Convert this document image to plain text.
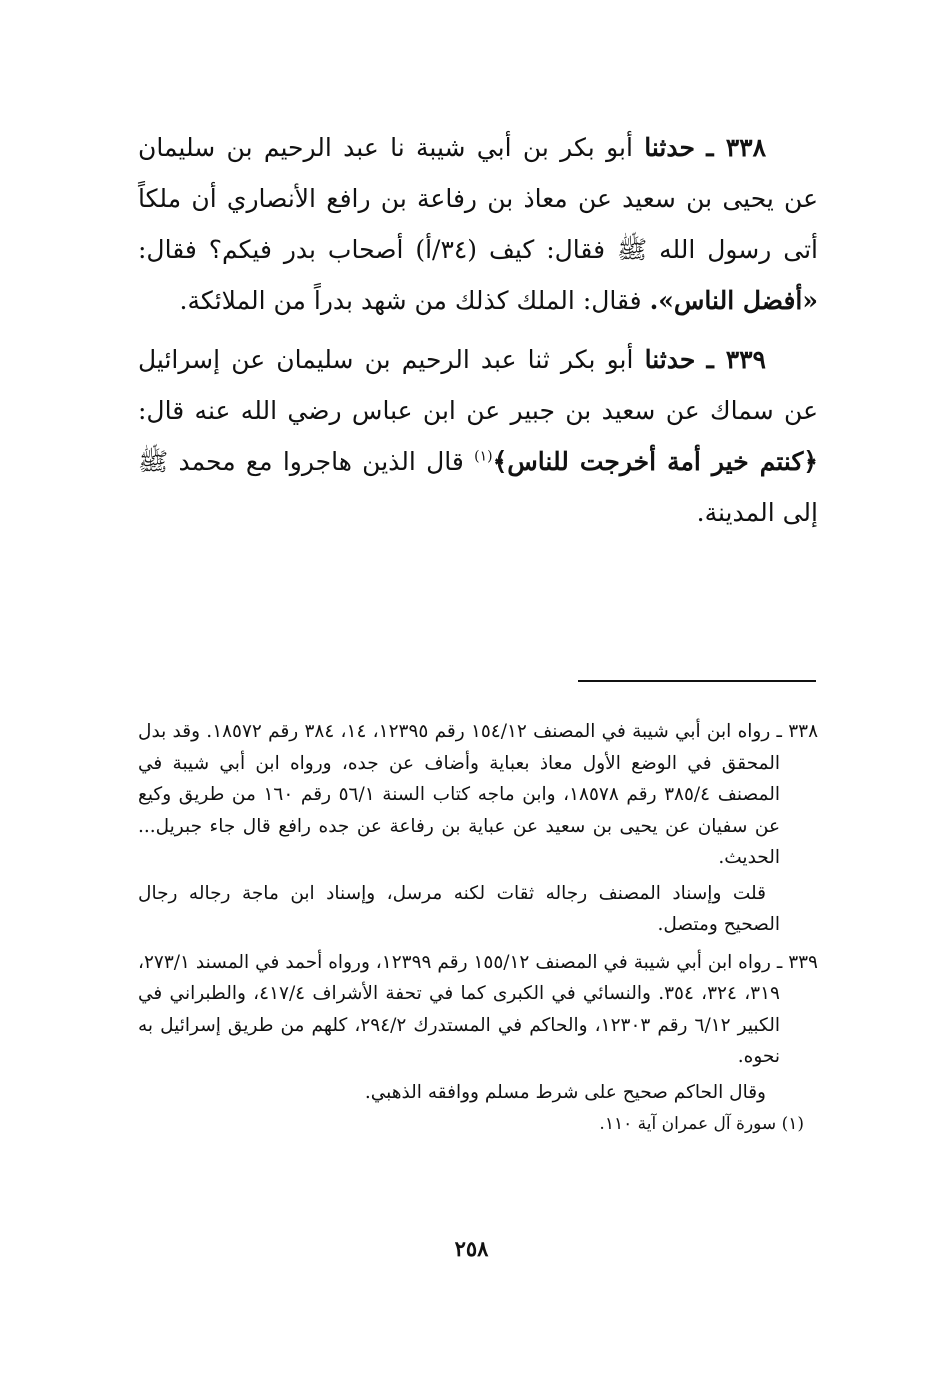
٣٣٨ ـ حدثنا أبو بكر بن أبي شيبة نا عبد الرحيم بن سليمان عن يحيى بن سعيد عن معاذ بن رفاعة بن رافع الأنصاري أن ملكاً أتى رسول الله ﷺ فقال: كيف (٣٤/أ) أصحاب بدر فيكم؟ فقال: «أفضل الناس». فقال: الملك كذلك من شهد بدراً من الملائكة.

٣٣٩ ـ حدثنا أبو بكر ثنا عبد الرحيم بن سليمان عن إسرائيل عن سماك عن سعيد بن جبير عن ابن عباس رضي الله عنه قال: ﴿كنتم خير أمة أخرجت للناس﴾$^{(١)}$ قال الذين هاجروا مع محمد ﷺ إلى المدينة.

٣٣٨ ـ رواه ابن أبي شيبة في المصنف ١٥٤/١٢ رقم ١٢٣٩٥، ١٤، ٣٨٤ رقم ١٨٥٧٢. وقد بدل المحقق في الوضع الأول معاذ بعباية وأضاف عن جده، ورواه ابن أبي شيبة في المصنف ٣٨٥/٤ رقم ١٨٥٧٨، وابن ماجه كتاب السنة ٥٦/١ رقم ١٦٠ من طريق وكيع عن سفيان عن يحيى بن سعيد عن عباية بن رفاعة عن جده رافع قال جاء جبريل... الحديث.

قلت وإسناد المصنف رجاله ثقات لكنه مرسل، وإسناد ابن ماجة رجاله رجال الصحيح ومتصل.

٣٣٩ ـ رواه ابن أبي شيبة في المصنف ١٥٥/١٢ رقم ١٢٣٩٩، ورواه أحمد في المسند ٢٧٣/١، ٣١٩، ٣٢٤، ٣٥٤. والنسائي في الكبرى كما في تحفة الأشراف ٤١٧/٤، والطبراني في الكبير ٦/١٢ رقم ١٢٣٠٣، والحاكم في المستدرك ٢٩٤/٢، كلهم من طريق إسرائيل به نحوه.

وقال الحاكم صحيح على شرط مسلم ووافقه الذهبي.

(١) سورة آل عمران آية ١١٠.

٢٥٨
